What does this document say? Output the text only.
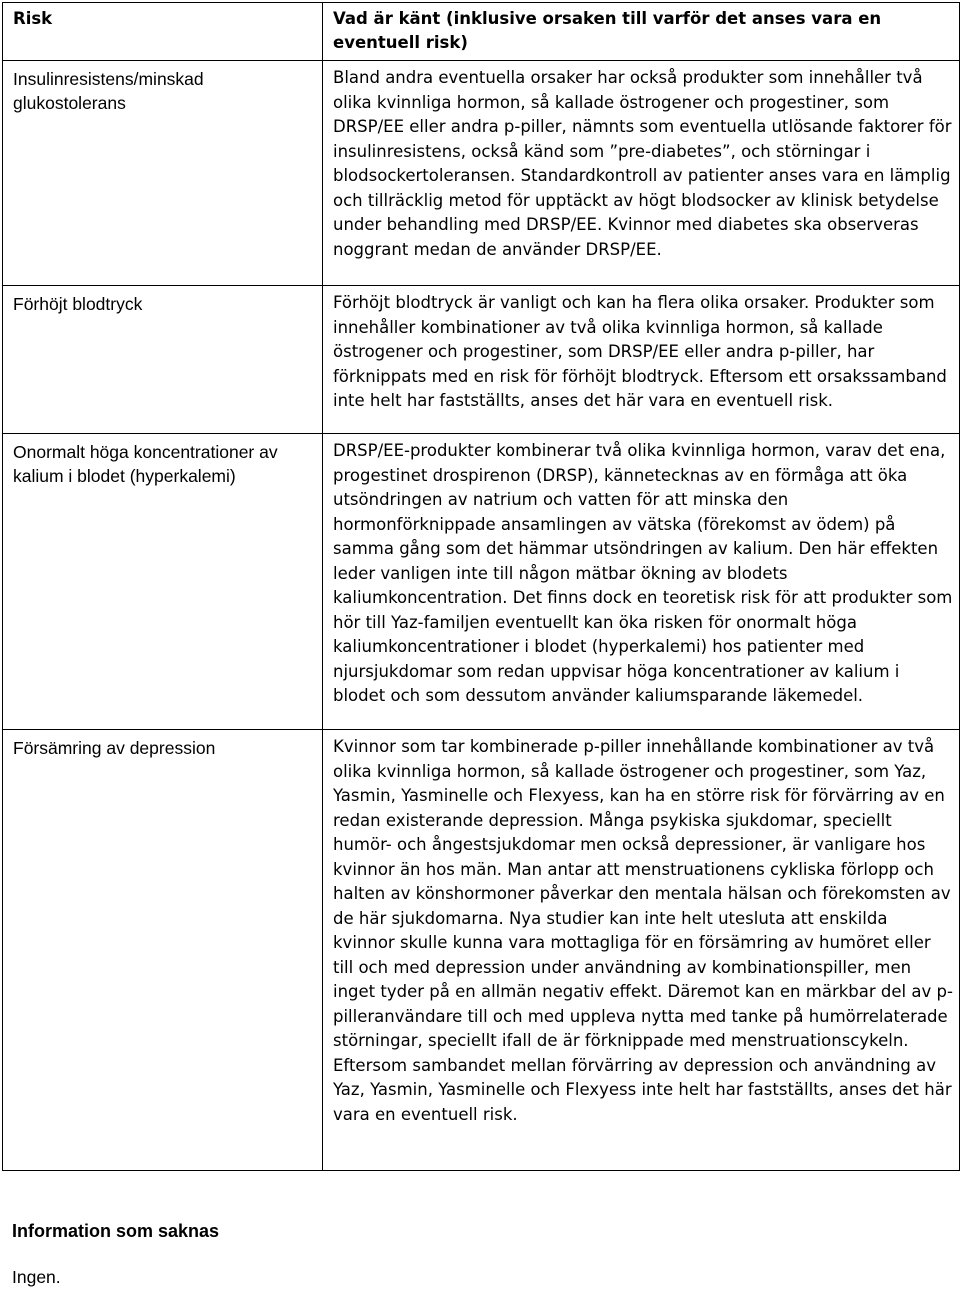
Risk	Vad är känt (inklusive orsaken till varför det anses vara en eventuell risk)
Insulinresistens/minskad glukostolerans	Bland andra eventuella orsaker har också produkter som innehåller två olika kvinnliga hormon, så kallade östrogener och progestiner, som DRSP/EE eller andra p-piller, nämnts som eventuella utlösande faktorer för insulinresistens, också känd som ”pre-diabetes”, och störningar i blodsockertoleransen. Standardkontroll av patienter anses vara en lämplig och tillräcklig metod för upptäckt av högt blodsocker av klinisk betydelse under behandling med DRSP/EE. Kvinnor med diabetes ska observeras noggrant medan de använder DRSP/EE.
Förhöjt blodtryck	Förhöjt blodtryck är vanligt och kan ha flera olika orsaker. Produkter som innehåller kombinationer av två olika kvinnliga hormon, så kallade östrogener och progestiner, som DRSP/EE eller andra p-piller, har förknippats med en risk för förhöjt blodtryck. Eftersom ett orsakssamband inte helt har fastställts, anses det här vara en eventuell risk.
Onormalt höga koncentrationer av kalium i blodet (hyperkalemi)	DRSP/EE-produkter kombinerar två olika kvinnliga hormon, varav det ena, progestinet drospirenon (DRSP), kännetecknas av en förmåga att öka utsöndringen av natrium och vatten för att minska den hormonförknippade ansamlingen av vätska (förekomst av ödem) på samma gång som det hämmar utsöndringen av kalium. Den här effekten leder vanligen inte till någon mätbar ökning av blodets kaliumkoncentration. Det finns dock en teoretisk risk för att produkter som hör till Yaz-familjen eventuellt kan öka risken för onormalt höga kaliumkoncentrationer i blodet (hyperkalemi) hos patienter med njursjukdomar som redan uppvisar höga koncentrationer av kalium i blodet och som dessutom använder kaliumsparande läkemedel.
Försämring av depression	Kvinnor som tar kombinerade p-piller innehållande kombinationer av två olika kvinnliga hormon, så kallade östrogener och progestiner, som Yaz, Yasmin, Yasminelle och Flexyess, kan ha en större risk för förvärring av en redan existerande depression. Många psykiska sjukdomar, speciellt humör- och ångestsjukdomar men också depressioner, är vanligare hos kvinnor än hos män. Man antar att menstruationens cykliska förlopp och halten av könshormoner påverkar den mentala hälsan och förekomsten av de här sjukdomarna. Nya studier kan inte helt utesluta att enskilda kvinnor skulle kunna vara mottagliga för en försämring av humöret eller till och med depression under användning av kombinationspiller, men inget tyder på en allmän negativ effekt. Däremot kan en märkbar del av p-pilleranvändare till och med uppleva nytta med tanke på humörrelaterade störningar, speciellt ifall de är förknippade med menstruationscykeln. Eftersom sambandet mellan förvärring av depression och användning av Yaz, Yasmin, Yasminelle och Flexyess inte helt har fastställts, anses det här vara en eventuell risk.
Information som saknas

Ingen.
